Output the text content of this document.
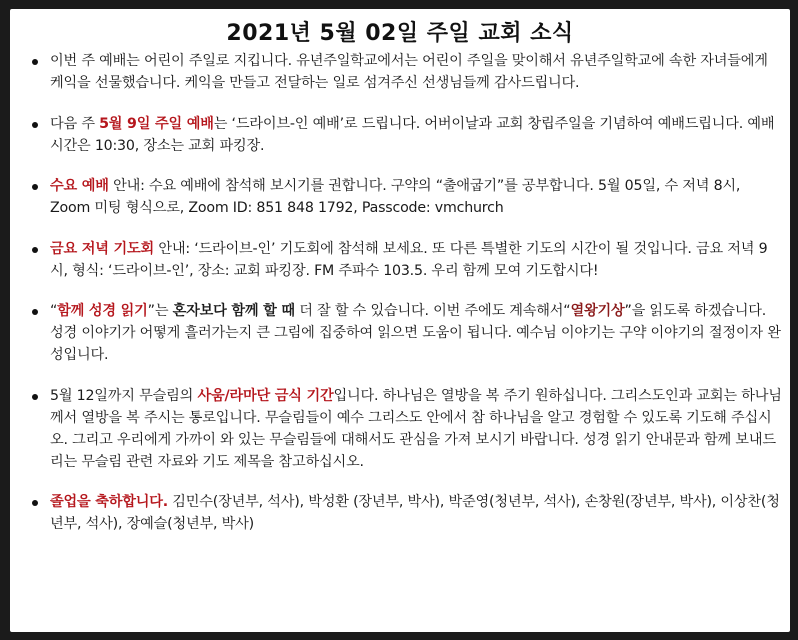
2021년 5월 02일 주일 교회 소식
이번 주 예배는 어린이 주일로 지킵니다. 유년주일학교에서는 어린이 주일을 맞이해서 유년주일학교에 속한 자녀들에게 케익을 선물했습니다. 케익을 만들고 전달하는 일로 섬겨주신 선생님들께 감사드립니다.
다음 주 5월 9일 주일 예배는 ‘드라이브-인 예배’로 드립니다. 어버이날과 교회 창립주일을 기념하여 예배드립니다. 예배 시간은 10:30, 장소는 교회 파킹장.
수요 예배 안내: 수요 예배에 참석해 보시기를 권합니다. 구약의 “출애굽기”를 공부합니다. 5월 05일, 수 저녁 8시, Zoom 미팅 형식으로, Zoom ID: 851 848 1792, Passcode: vmchurch
금요 저녁 기도회 안내: ‘드라이브-인’ 기도회에 참석해 보세요. 또 다른 특별한 기도의 시간이 될 것입니다. 금요 저녁 9시, 형식: ‘드라이브-인’, 장소: 교회 파킹장. FM 주파수 103.5. 우리 함께 모여 기도합시다!
“함께 성경 읽기”는 혼자보다 함께 할 때 더 잘 할 수 있습니다. 이번 주에도 계속해서“열왕기상”을 읽도록 하겠습니다. 성경 이야기가 어떻게 흘러가는지 큰 그림에 집중하여 읽으면 도움이 됩니다. 예수님 이야기는 구약 이야기의 절정이자 완성입니다.
5월 12일까지 무슬림의 사움/라마단 금식 기간입니다. 하나님은 열방을 복 주기 원하십니다. 그리스도인과 교회는 하나님께서 열방을 복 주시는 통로입니다. 무슬림들이 예수 그리스도 안에서 참 하나님을 알고 경험할 수 있도록 기도해 주십시오. 그리고 우리에게 가까이 와 있는 무슬림들에 대해서도 관심을 가져 보시기 바랍니다. 성경 읽기 안내문과 함께 보내드리는 무슬림 관련 자료와 기도 제목을 참고하십시오.
졸업을 축하합니다. 김민수(장년부, 석사), 박성환 (장년부, 박사), 박준영(청년부, 석사), 손창원(장년부, 박사), 이상찬(청년부, 석사), 장예슬(청년부, 박사)
